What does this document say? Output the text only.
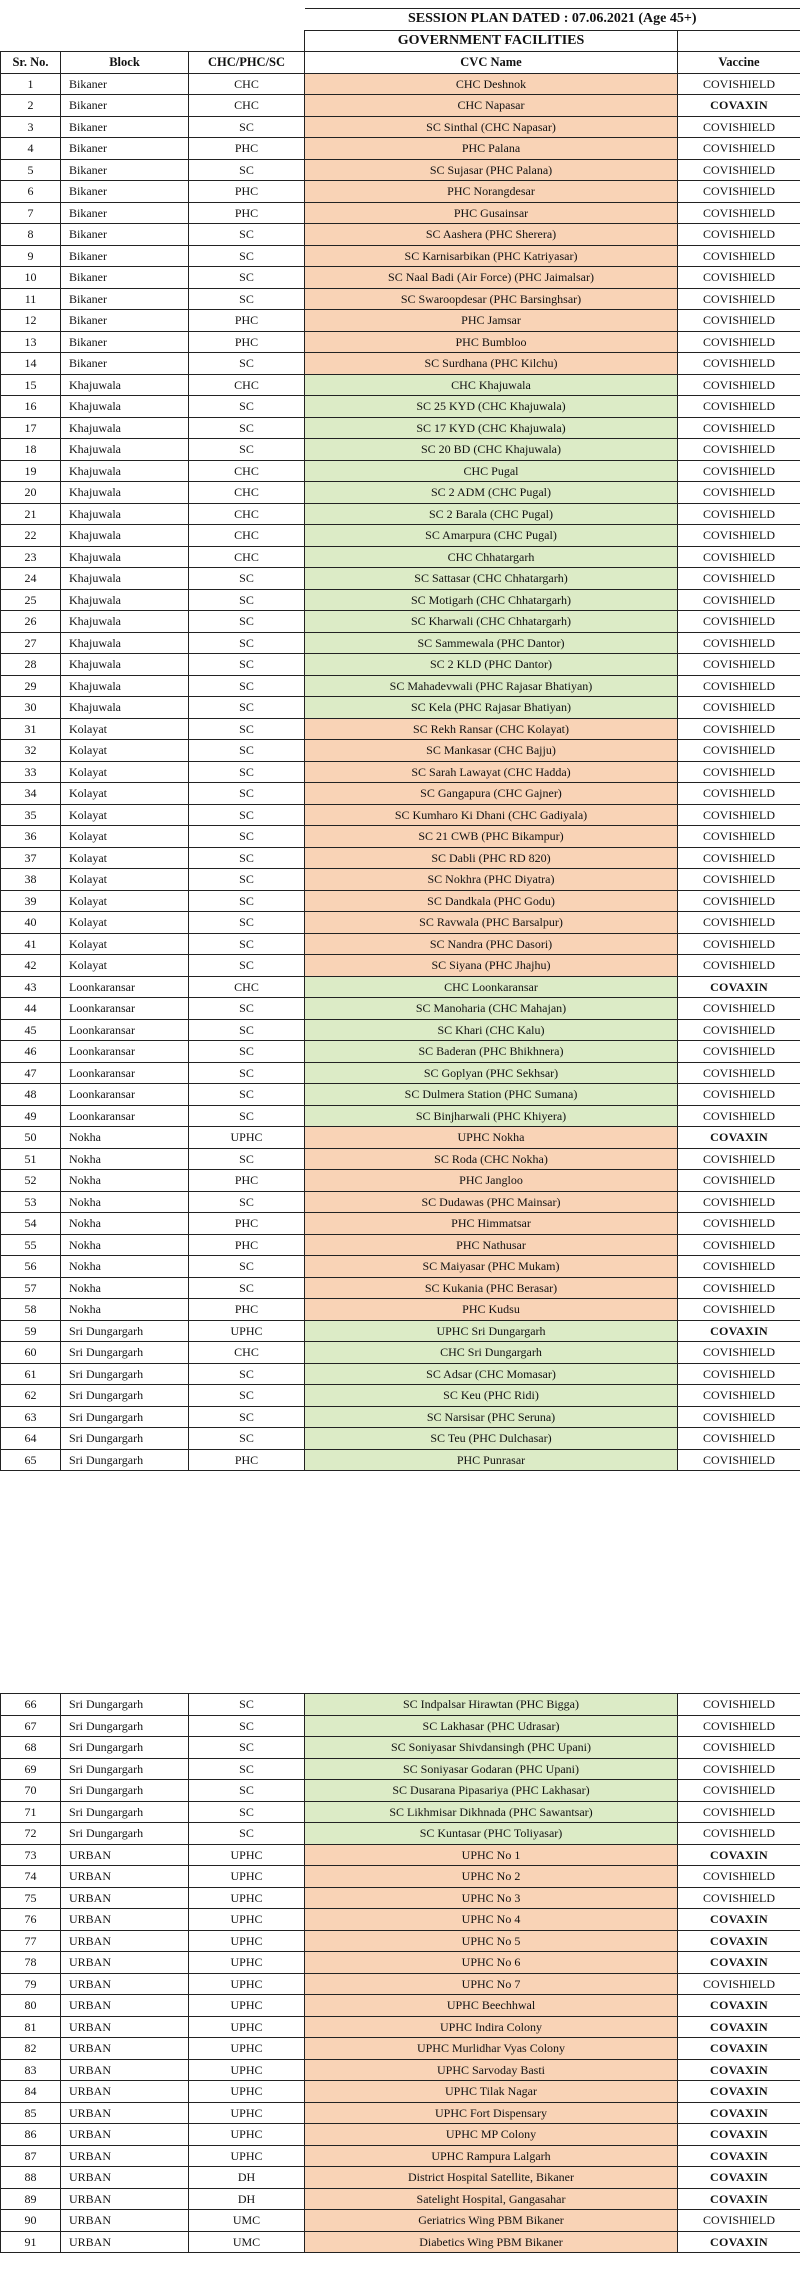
			SESSION PLAN DATED : 07.06.2021 (Age 45+)	
			GOVERNMENT FACILITIES	
Sr. No.	Block	CHC/PHC/SC	CVC Name	Vaccine
1	Bikaner	CHC	CHC Deshnok	COVISHIELD
2	Bikaner	CHC	CHC Napasar	COVAXIN
3	Bikaner	SC	SC Sinthal (CHC Napasar)	COVISHIELD
4	Bikaner	PHC	PHC Palana	COVISHIELD
5	Bikaner	SC	SC Sujasar (PHC Palana)	COVISHIELD
6	Bikaner	PHC	PHC Norangdesar	COVISHIELD
7	Bikaner	PHC	PHC Gusainsar	COVISHIELD
8	Bikaner	SC	SC Aashera (PHC Sherera)	COVISHIELD
9	Bikaner	SC	SC Karnisarbikan (PHC Katriyasar)	COVISHIELD
10	Bikaner	SC	SC Naal Badi (Air Force) (PHC Jaimalsar)	COVISHIELD
11	Bikaner	SC	SC Swaroopdesar (PHC Barsinghsar)	COVISHIELD
12	Bikaner	PHC	PHC Jamsar	COVISHIELD
13	Bikaner	PHC	PHC Bumbloo	COVISHIELD
14	Bikaner	SC	SC Surdhana (PHC Kilchu)	COVISHIELD
15	Khajuwala	CHC	CHC Khajuwala	COVISHIELD
16	Khajuwala	SC	SC 25 KYD (CHC Khajuwala)	COVISHIELD
17	Khajuwala	SC	SC 17 KYD (CHC Khajuwala)	COVISHIELD
18	Khajuwala	SC	SC 20 BD (CHC Khajuwala)	COVISHIELD
19	Khajuwala	CHC	CHC Pugal	COVISHIELD
20	Khajuwala	CHC	SC 2 ADM (CHC Pugal)	COVISHIELD
21	Khajuwala	CHC	SC 2 Barala (CHC Pugal)	COVISHIELD
22	Khajuwala	CHC	SC Amarpura (CHC Pugal)	COVISHIELD
23	Khajuwala	CHC	CHC Chhatargarh	COVISHIELD
24	Khajuwala	SC	SC Sattasar (CHC Chhatargarh)	COVISHIELD
25	Khajuwala	SC	SC Motigarh (CHC Chhatargarh)	COVISHIELD
26	Khajuwala	SC	SC Kharwali (CHC Chhatargarh)	COVISHIELD
27	Khajuwala	SC	SC Sammewala (PHC Dantor)	COVISHIELD
28	Khajuwala	SC	SC 2 KLD (PHC Dantor)	COVISHIELD
29	Khajuwala	SC	SC Mahadevwali (PHC Rajasar Bhatiyan)	COVISHIELD
30	Khajuwala	SC	SC Kela (PHC Rajasar Bhatiyan)	COVISHIELD
31	Kolayat	SC	SC Rekh Ransar (CHC Kolayat)	COVISHIELD
32	Kolayat	SC	SC Mankasar (CHC Bajju)	COVISHIELD
33	Kolayat	SC	SC Sarah Lawayat (CHC Hadda)	COVISHIELD
34	Kolayat	SC	SC Gangapura (CHC Gajner)	COVISHIELD
35	Kolayat	SC	SC Kumharo Ki Dhani (CHC Gadiyala)	COVISHIELD
36	Kolayat	SC	SC 21 CWB (PHC Bikampur)	COVISHIELD
37	Kolayat	SC	SC Dabli (PHC RD 820)	COVISHIELD
38	Kolayat	SC	SC Nokhra (PHC Diyatra)	COVISHIELD
39	Kolayat	SC	SC Dandkala (PHC Godu)	COVISHIELD
40	Kolayat	SC	SC Ravwala (PHC Barsalpur)	COVISHIELD
41	Kolayat	SC	SC Nandra (PHC Dasori)	COVISHIELD
42	Kolayat	SC	SC Siyana (PHC Jhajhu)	COVISHIELD
43	Loonkaransar	CHC	CHC Loonkaransar	COVAXIN
44	Loonkaransar	SC	SC Manoharia (CHC Mahajan)	COVISHIELD
45	Loonkaransar	SC	SC Khari (CHC Kalu)	COVISHIELD
46	Loonkaransar	SC	SC Baderan (PHC Bhikhnera)	COVISHIELD
47	Loonkaransar	SC	SC Goplyan (PHC Sekhsar)	COVISHIELD
48	Loonkaransar	SC	SC Dulmera Station (PHC Sumana)	COVISHIELD
49	Loonkaransar	SC	SC Binjharwali (PHC Khiyera)	COVISHIELD
50	Nokha	UPHC	UPHC Nokha	COVAXIN
51	Nokha	SC	SC Roda (CHC Nokha)	COVISHIELD
52	Nokha	PHC	PHC Jangloo	COVISHIELD
53	Nokha	SC	SC Dudawas (PHC Mainsar)	COVISHIELD
54	Nokha	PHC	PHC Himmatsar	COVISHIELD
55	Nokha	PHC	PHC Nathusar	COVISHIELD
56	Nokha	SC	SC Maiyasar (PHC Mukam)	COVISHIELD
57	Nokha	SC	SC Kukania (PHC Berasar)	COVISHIELD
58	Nokha	PHC	PHC Kudsu	COVISHIELD
59	Sri Dungargarh	UPHC	UPHC Sri Dungargarh	COVAXIN
60	Sri Dungargarh	CHC	CHC Sri Dungargarh	COVISHIELD
61	Sri Dungargarh	SC	SC Adsar (CHC Momasar)	COVISHIELD
62	Sri Dungargarh	SC	SC Keu (PHC Ridi)	COVISHIELD
63	Sri Dungargarh	SC	SC Narsisar (PHC Seruna)	COVISHIELD
64	Sri Dungargarh	SC	SC Teu (PHC Dulchasar)	COVISHIELD
65	Sri Dungargarh	PHC	PHC Punrasar	COVISHIELD
66	Sri Dungargarh	SC	SC Indpalsar Hirawtan (PHC Bigga)	COVISHIELD
67	Sri Dungargarh	SC	SC Lakhasar (PHC Udrasar)	COVISHIELD
68	Sri Dungargarh	SC	SC Soniyasar Shivdansingh (PHC Upani)	COVISHIELD
69	Sri Dungargarh	SC	SC Soniyasar Godaran (PHC Upani)	COVISHIELD
70	Sri Dungargarh	SC	SC Dusarana Pipasariya (PHC Lakhasar)	COVISHIELD
71	Sri Dungargarh	SC	SC Likhmisar Dikhnada (PHC Sawantsar)	COVISHIELD
72	Sri Dungargarh	SC	SC Kuntasar (PHC Toliyasar)	COVISHIELD
73	URBAN	UPHC	UPHC No 1	COVAXIN
74	URBAN	UPHC	UPHC No 2	COVISHIELD
75	URBAN	UPHC	UPHC No 3	COVISHIELD
76	URBAN	UPHC	UPHC No 4	COVAXIN
77	URBAN	UPHC	UPHC No 5	COVAXIN
78	URBAN	UPHC	UPHC No 6	COVAXIN
79	URBAN	UPHC	UPHC No 7	COVISHIELD
80	URBAN	UPHC	UPHC Beechhwal	COVAXIN
81	URBAN	UPHC	UPHC Indira Colony	COVAXIN
82	URBAN	UPHC	UPHC Murlidhar Vyas Colony	COVAXIN
83	URBAN	UPHC	UPHC Sarvoday Basti	COVAXIN
84	URBAN	UPHC	UPHC Tilak Nagar	COVAXIN
85	URBAN	UPHC	UPHC Fort Dispensary	COVAXIN
86	URBAN	UPHC	UPHC MP Colony	COVAXIN
87	URBAN	UPHC	UPHC Rampura Lalgarh	COVAXIN
88	URBAN	DH	District Hospital Satellite, Bikaner	COVAXIN
89	URBAN	DH	Satelight Hospital, Gangasahar	COVAXIN
90	URBAN	UMC	Geriatrics Wing PBM Bikaner	COVISHIELD
91	URBAN	UMC	Diabetics Wing PBM Bikaner	COVAXIN
